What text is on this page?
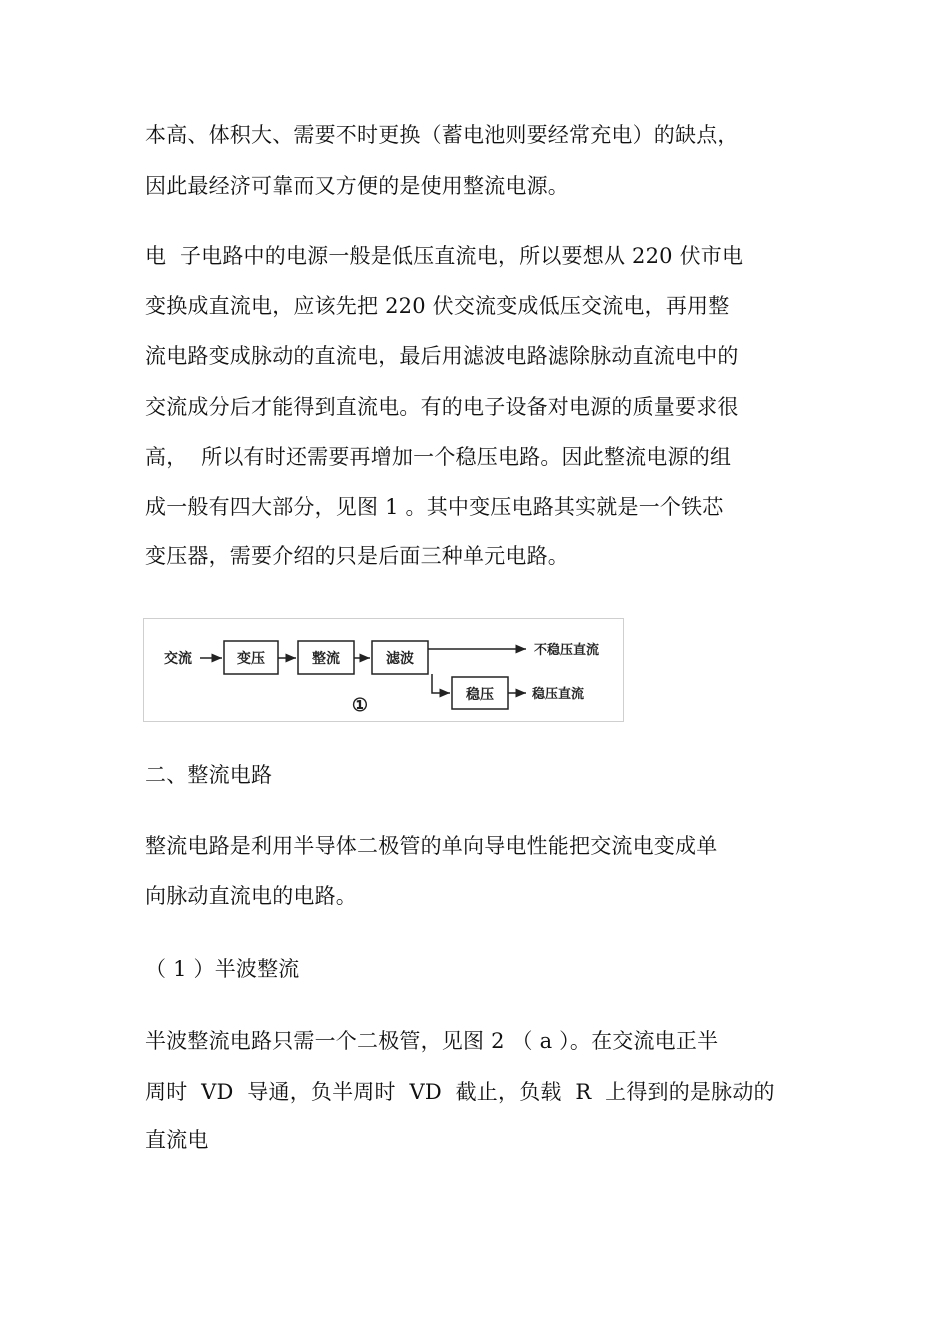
本高、体积大、需要不时更换（蓄电池则要经常充电）的缺点，
因此最经济可靠而又方便的是使用整流电源。
电  子电路中的电源一般是低压直流电，所以要想从 220 伏市电
变换成直流电，应该先把 220 伏交流变成低压交流电，再用整
流电路变成脉动的直流电，最后用滤波电路滤除脉动直流电中的
交流成分后才能得到直流电。有的电子设备对电源的质量要求很
高，  所以有时还需要再增加一个稳压电路。因此整流电源的组
成一般有四大部分，见图 1 。其中变压电路其实就是一个铁芯
变压器，需要介绍的只是后面三种单元电路。
交流	变压	整流	滤波
不稳压直流
稳压	稳压直流
①
二、整流电路
整流电路是利用半导体二极管的单向导电性能把交流电变成单
向脉动直流电的电路。
（ 1 ）半波整流
半波整流电路只需一个二极管，见图 2 （ a ）。在交流电正半
周时  VD  导通，负半周时  VD  截止，负载  R  上得到的是脉动的
直流电
